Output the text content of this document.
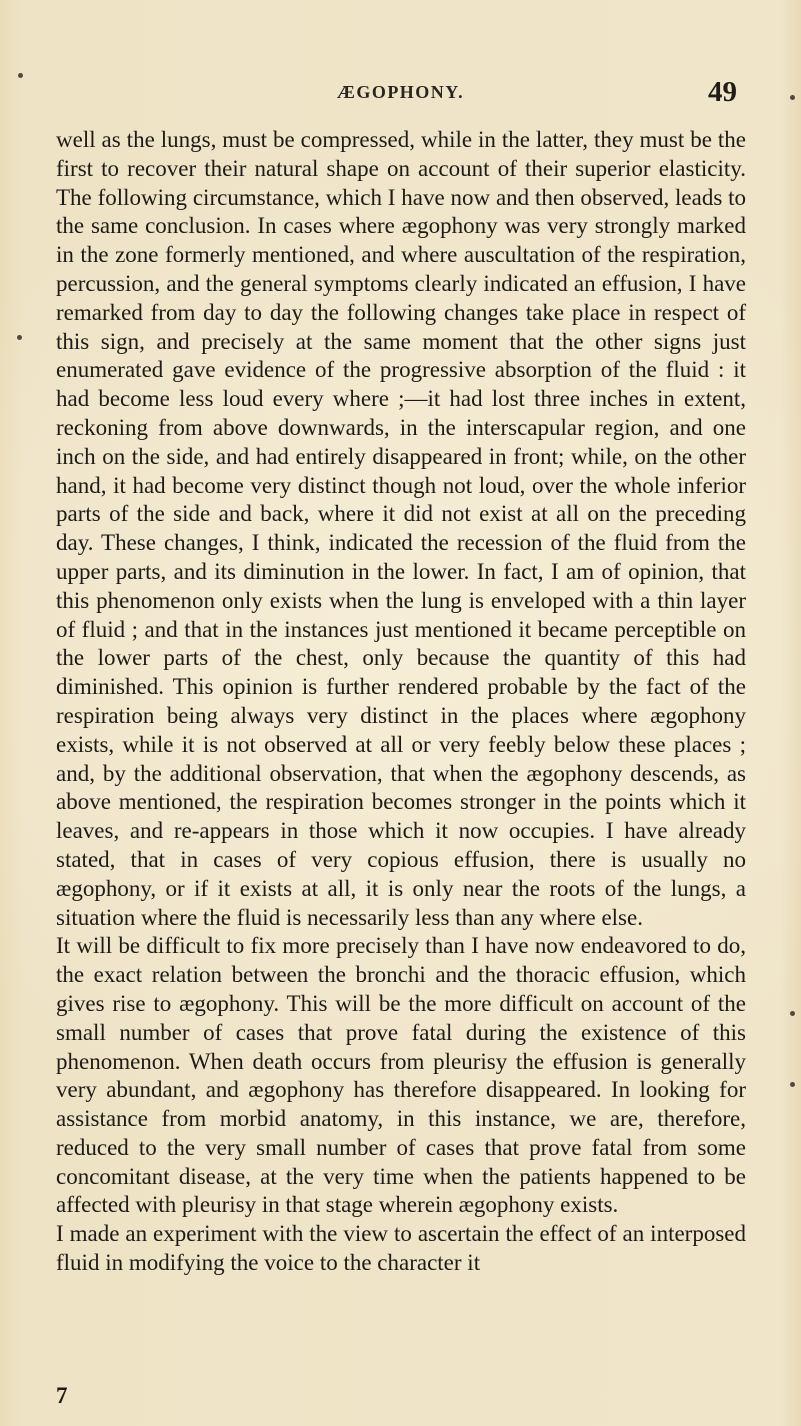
ÆGOPHONY.	49

well as the lungs, must be compressed, while in the latter, they must be the first to recover their natural shape on account of their superior elasticity. The following circumstance, which I have now and then observed, leads to the same conclusion. In cases where ægophony was very strongly marked in the zone formerly mentioned, and where auscultation of the respiration, percussion, and the general symptoms clearly indicated an effusion, I have remarked from day to day the following changes take place in respect of this sign, and precisely at the same moment that the other signs just enumerated gave evidence of the progressive absorption of the fluid : it had become less loud every where ;—it had lost three inches in extent, reckoning from above downwards, in the interscapular region, and one inch on the side, and had entirely disappeared in front; while, on the other hand, it had become very distinct though not loud, over the whole inferior parts of the side and back, where it did not exist at all on the preceding day. These changes, I think, indicated the recession of the fluid from the upper parts, and its diminution in the lower. In fact, I am of opinion, that this phenomenon only exists when the lung is enveloped with a thin layer of fluid ; and that in the instances just mentioned it became perceptible on the lower parts of the chest, only because the quantity of this had diminished. This opinion is further rendered probable by the fact of the respiration being always very distinct in the places where ægophony exists, while it is not observed at all or very feebly below these places ; and, by the additional observation, that when the ægophony descends, as above mentioned, the respiration becomes stronger in the points which it leaves, and re-appears in those which it now occupies. I have already stated, that in cases of very copious effusion, there is usually no ægophony, or if it exists at all, it is only near the roots of the lungs, a situation where the fluid is necessarily less than any where else.

It will be difficult to fix more precisely than I have now endeavored to do, the exact relation between the bronchi and the thoracic effusion, which gives rise to ægophony. This will be the more difficult on account of the small number of cases that prove fatal during the existence of this phenomenon. When death occurs from pleurisy the effusion is generally very abundant, and ægophony has therefore disappeared. In looking for assistance from morbid anatomy, in this instance, we are, therefore, reduced to the very small number of cases that prove fatal from some concomitant disease, at the very time when the patients happened to be affected with pleurisy in that stage wherein ægophony exists.

I made an experiment with the view to ascertain the effect of an interposed fluid in modifying the voice to the character it

7
